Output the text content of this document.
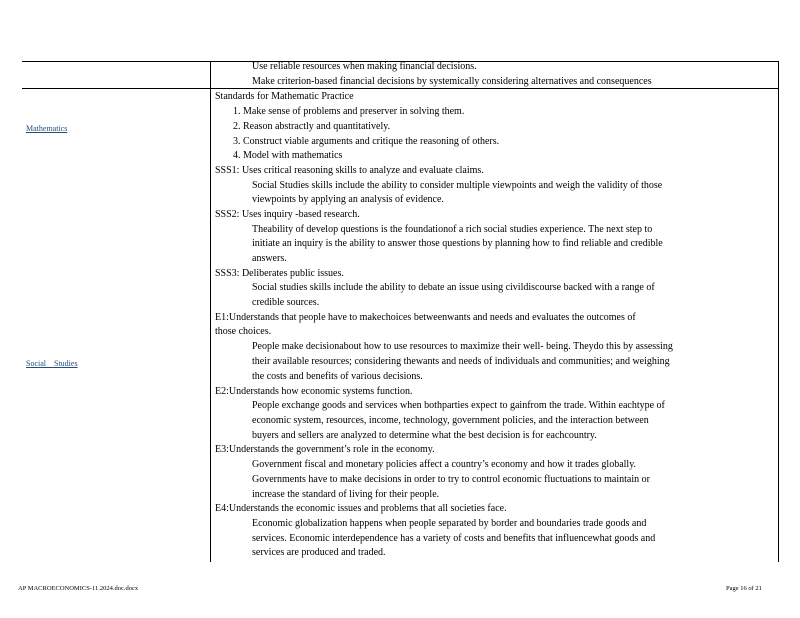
Use reliable resources when making financial decisions.
Make criterion-based financial decisions by systemically considering alternatives and consequences
Mathematics
Social    Studies
Standards for Mathematic Practice
1. Make sense of problems and preserver in solving them.
2. Reason abstractly and quantitatively.
3. Construct viable arguments and critique the reasoning of others.
4. Model with mathematics
SSS1: Uses critical reasoning skills to analyze and evaluate claims.
Social Studies skills include the ability to consider multiple viewpoints and weigh the validity of those
viewpoints by applying an analysis of evidence.
SSS2: Uses inquiry -based research.
Theability of develop questions is the foundationof a rich social studies experience. The next step to
initiate an inquiry is the ability to answer those questions by planning how to find reliable and credible
answers.
SSS3: Deliberates public issues.
Social studies skills include the ability to debate an issue using civildiscourse backed with a range of
credible sources.
E1:Understands that people have to makechoices betweenwants and needs and evaluates the outcomes of
those choices.
People make decisionabout how to use resources to maximize their well- being. Theydo this by assessing
their available resources; considering thewants and needs of individuals and communities; and weighing
the costs and benefits of various decisions.
E2:Understands how economic systems function.
People exchange goods and services when bothparties expect to gainfrom the trade. Within eachtype of
economic system, resources, income, technology, government policies, and the interaction between
buyers and sellers are analyzed to determine what the best decision is for eachcountry.
E3:Understands the government’s role in the economy.
Government fiscal and monetary policies affect a country’s economy and how it trades globally.
Governments have to make decisions in order to try to control economic fluctuations to maintain or
increase the standard of living for their people.
E4:Understands the economic issues and problems that all societies face.
Economic globalization happens when people separated by border and boundaries trade goods and
services. Economic interdependence has a variety of costs and benefits that influencewhat goods and
services are produced and traded.
AP MACROECONOMICS-11.2024.doc.docx	Page 16 of 21
